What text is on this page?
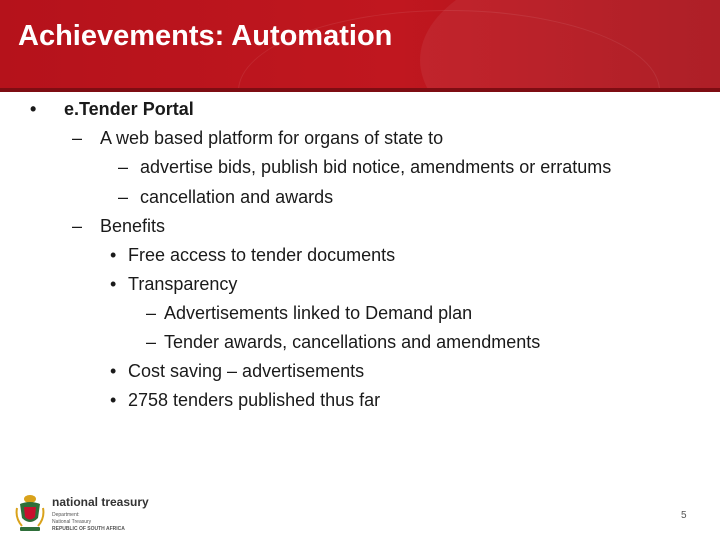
Achievements: Automation
• e.Tender Portal
– A web based platform for organs of state to
– advertise bids, publish bid notice, amendments or erratums
– cancellation and awards
– Benefits
• Free access to tender documents
• Transparency
– Advertisements linked to Demand plan
– Tender awards, cancellations and amendments
• Cost saving – advertisements
• 2758 tenders published thus far
national treasury
Department:
National Treasury
REPUBLIC OF SOUTH AFRICA
5
